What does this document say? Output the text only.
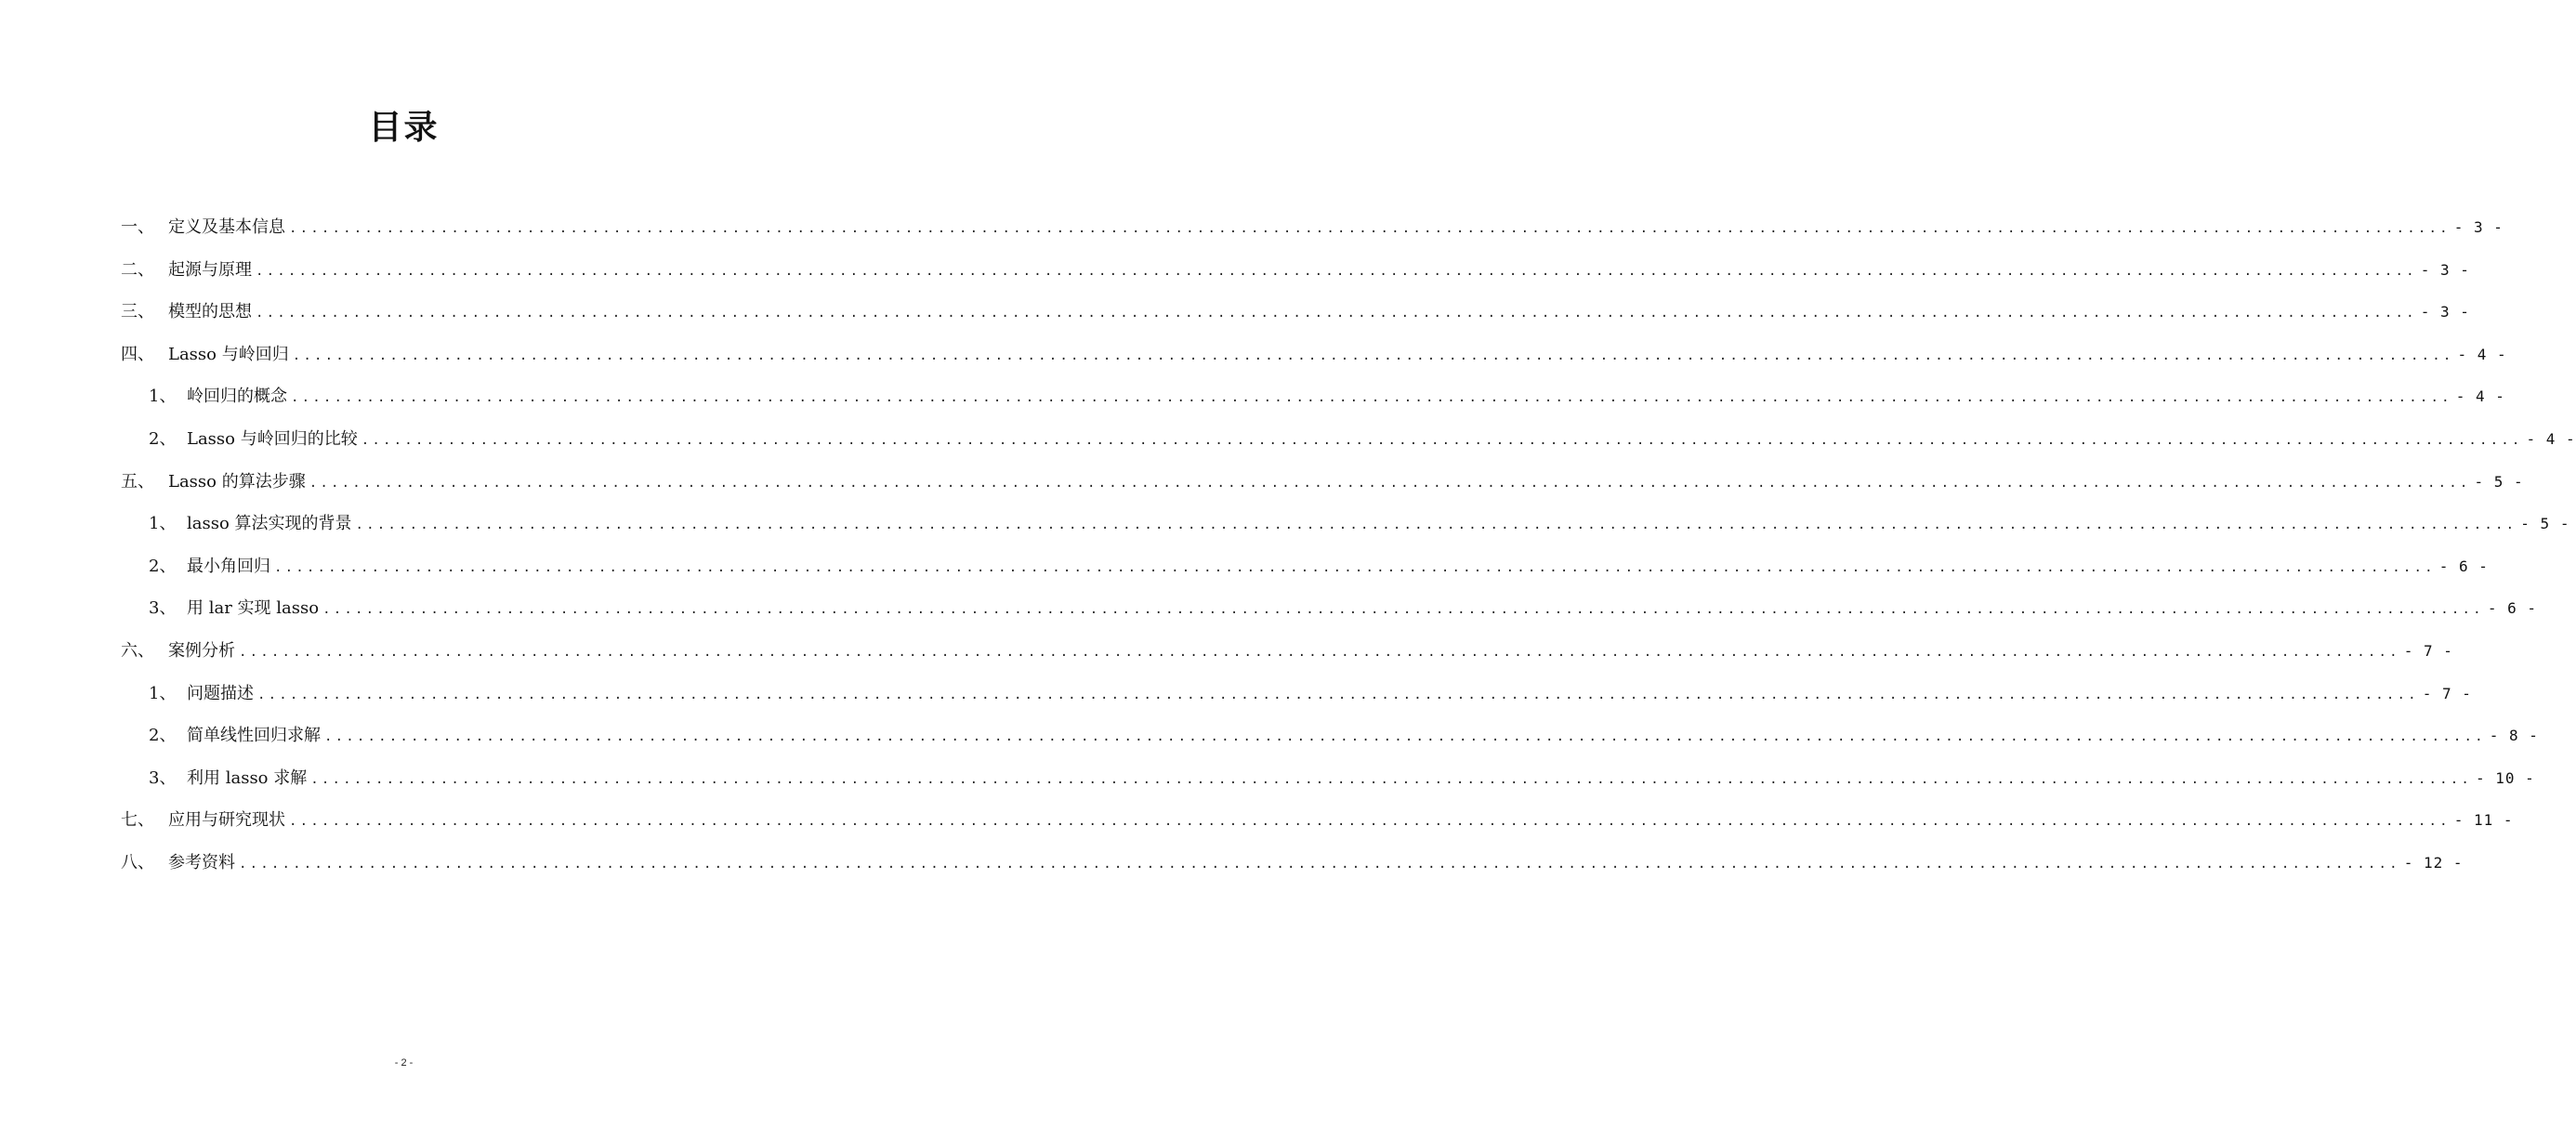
目录
一、 定义及基本信息 ........................................................................................................................................................................................................ - 3 -
二、 起源与原理 ........................................................................................................................................................................................................ - 3 -
三、 模型的思想 ........................................................................................................................................................................................................ - 3 -
四、 Lasso 与岭回归 ........................................................................................................................................................................................................ - 4 -
1、 岭回归的概念 ........................................................................................................................................................................................................ - 4 -
2、 Lasso 与岭回归的比较 ........................................................................................................................................................................................................ - 4 -
五、 Lasso 的算法步骤 ........................................................................................................................................................................................................ - 5 -
1、 lasso 算法实现的背景 ........................................................................................................................................................................................................ - 5 -
2、 最小角回归 ........................................................................................................................................................................................................ - 6 -
3、 用 lar 实现 lasso ........................................................................................................................................................................................................ - 6 -
六、 案例分析 ........................................................................................................................................................................................................ - 7 -
1、 问题描述 ........................................................................................................................................................................................................ - 7 -
2、 简单线性回归求解 ........................................................................................................................................................................................................ - 8 -
3、 利用 lasso 求解 ........................................................................................................................................................................................................ - 10 -
七、 应用与研究现状 ........................................................................................................................................................................................................ - 11 -
八、 参考资料 ........................................................................................................................................................................................................ - 12 -
- 2 -
